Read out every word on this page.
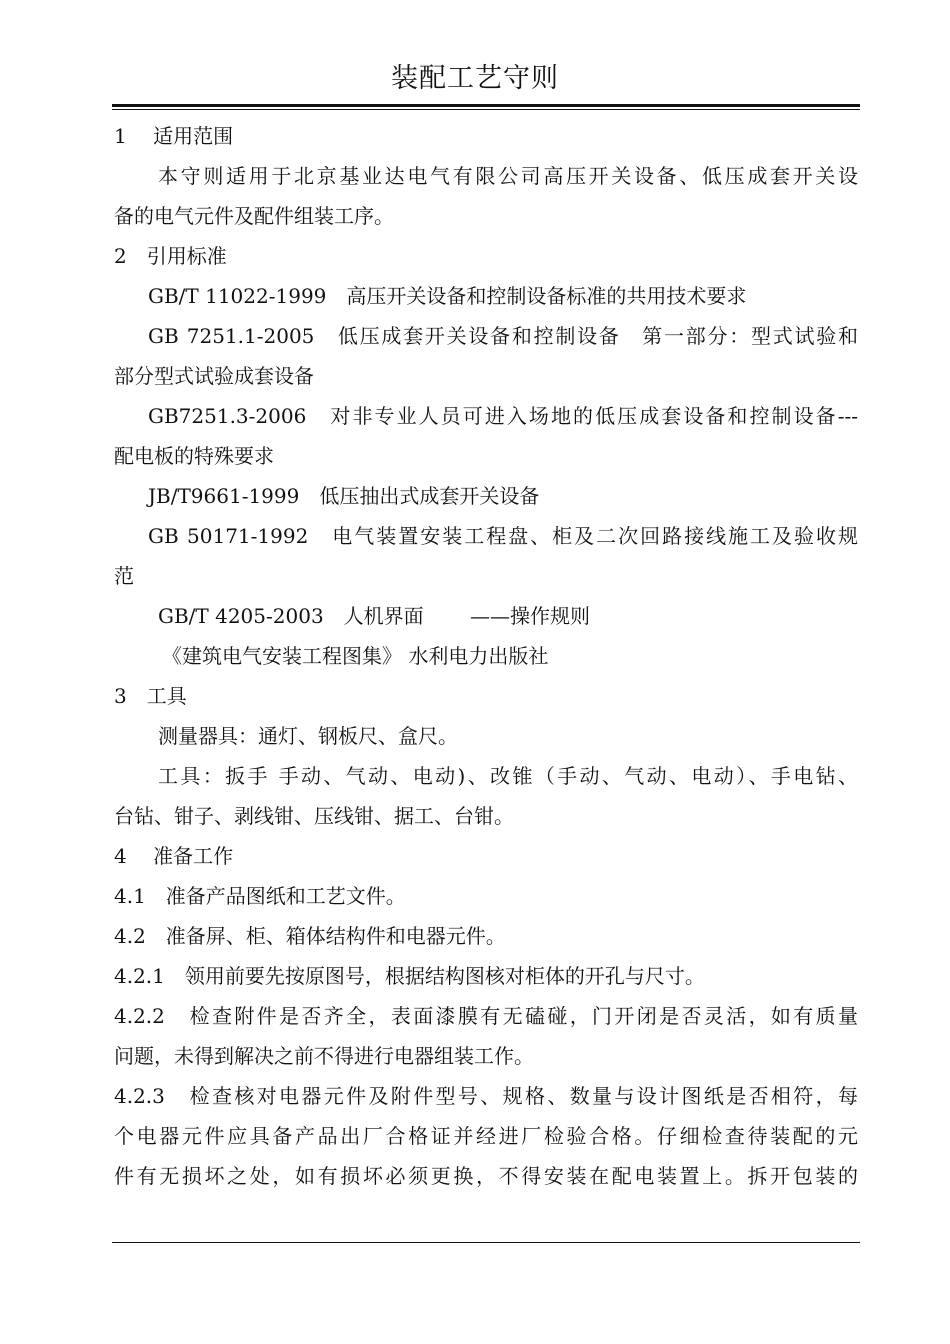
装配工艺守则
1　 适用范围
本守则适用于北京基业达电气有限公司高压开关设备、低压成套开关设
备的电气元件及配件组装工序。
2　引用标准
GB/T 11022-1999　高压开关设备和控制设备标准的共用技术要求
GB 7251.1-2005　低压成套开关设备和控制设备　第一部分：型式试验和
部分型式试验成套设备
GB7251.3-2006　对非专业人员可进入场地的低压成套设备和控制设备---
配电板的特殊要求
JB/T9661-1999　低压抽出式成套开关设备
GB 50171-1992　电气装置安装工程盘、柜及二次回路接线施工及验收规
范
GB/T 4205-2003　人机界面　　 ——操作规则
《建筑电气安装工程图集》 水利电力出版社
3　工具
测量器具：通灯、钢板尺、盒尺。
工具：扳手 手动、气动、电动)、改锥（手动、气动、电动）、手电钻、
台钻、钳子、剥线钳、压线钳、据工、台钳。
4　 准备工作
4.1　准备产品图纸和工艺文件。
4.2　准备屏、柜、箱体结构件和电器元件。
4.2.1　领用前要先按原图号，根据结构图核对柜体的开孔与尺寸。
4.2.2　检查附件是否齐全，表面漆膜有无磕碰，门开闭是否灵活，如有质量
问题，未得到解决之前不得进行电器组装工作。
4.2.3　检查核对电器元件及附件型号、规格、数量与设计图纸是否相符，每
个电器元件应具备产品出厂合格证并经进厂检验合格。仔细检查待装配的元
件有无损坏之处，如有损坏必须更换，不得安装在配电装置上。拆开包装的
